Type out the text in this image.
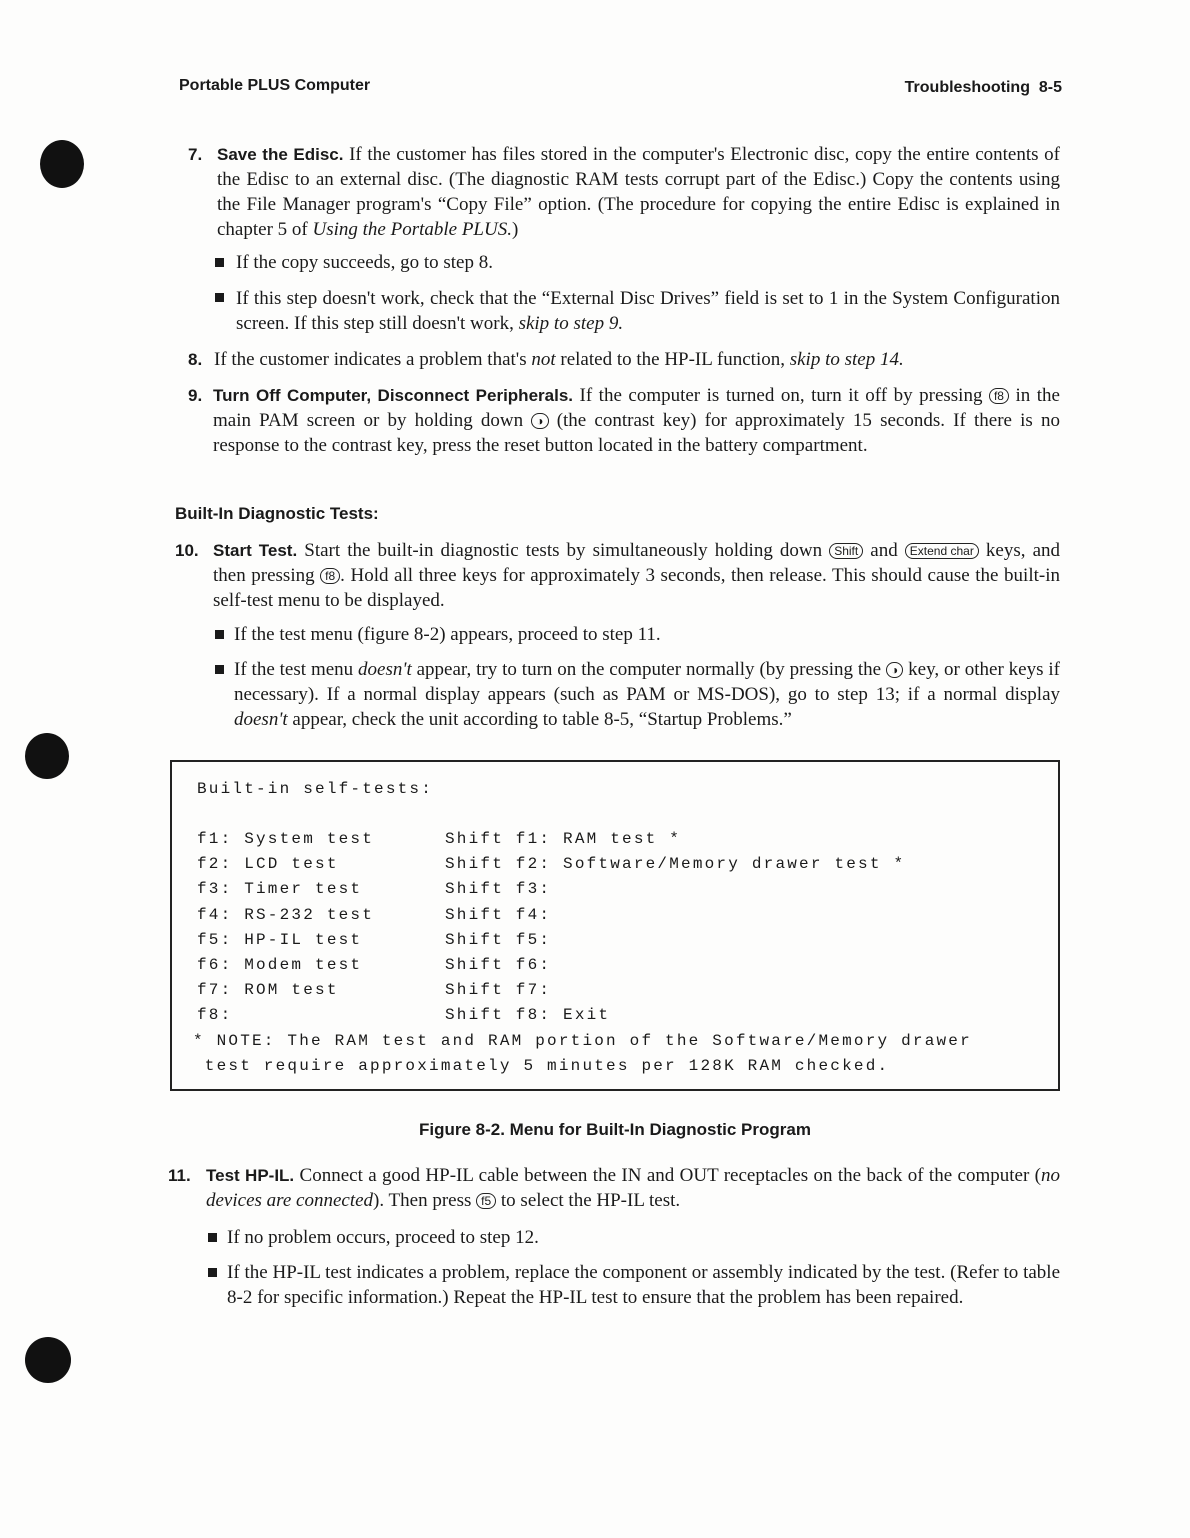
Portable PLUS Computer	Troubleshooting 8-5
7. Save the Edisc. If the customer has files stored in the computer's Electronic disc, copy the entire contents of the Edisc to an external disc. (The diagnostic RAM tests corrupt part of the Edisc.) Copy the contents using the File Manager program's “Copy File” option. (The procedure for copying the entire Edisc is explained in chapter 5 of Using the Portable PLUS.)
If the copy succeeds, go to step 8.
If this step doesn't work, check that the “External Disc Drives” field is set to 1 in the System Configuration screen. If this step still doesn't work, skip to step 9.
8. If the customer indicates a problem that's not related to the HP-IL function, skip to step 14.
9. Turn Off Computer, Disconnect Peripherals. If the computer is turned on, turn it off by pressing f8 in the main PAM screen or by holding down ◑ (the contrast key) for approximately 15 seconds. If there is no response to the contrast key, press the reset button located in the battery compartment.
Built-In Diagnostic Tests:
10. Start Test. Start the built-in diagnostic tests by simultaneously holding down Shift and Extend char keys, and then pressing f8 . Hold all three keys for approximately 3 seconds, then release. This should cause the built-in self-test menu to be displayed.
If the test menu (figure 8-2) appears, proceed to step 11.
If the test menu doesn't appear, try to turn on the computer normally (by pressing the ◑ key, or other keys if necessary). If a normal display appears (such as PAM or MS-DOS), go to step 13; if a normal display doesn't appear, check the unit according to table 8-5, “Startup Problems.”
Built-in self-tests:
f1: System test
f2: LCD test
f3: Timer test
f4: RS-232 test
f5: HP-IL test
f6: Modem test
f7: ROM test
f8:
Shift f1: RAM test *
Shift f2: Software/Memory drawer test *
Shift f3:
Shift f4:
Shift f5:
Shift f6:
Shift f7:
Shift f8: Exit
* NOTE: The RAM test and RAM portion of the Software/Memory drawer
test require approximately 5 minutes per 128K RAM checked.
Figure 8-2. Menu for Built-In Diagnostic Program
11. Test HP-IL. Connect a good HP-IL cable between the IN and OUT receptacles on the back of the computer (no devices are connected). Then press f5 to select the HP-IL test.
If no problem occurs, proceed to step 12.
If the HP-IL test indicates a problem, replace the component or assembly indicated by the test. (Refer to table 8-2 for specific information.) Repeat the HP-IL test to ensure that the problem has been repaired.
